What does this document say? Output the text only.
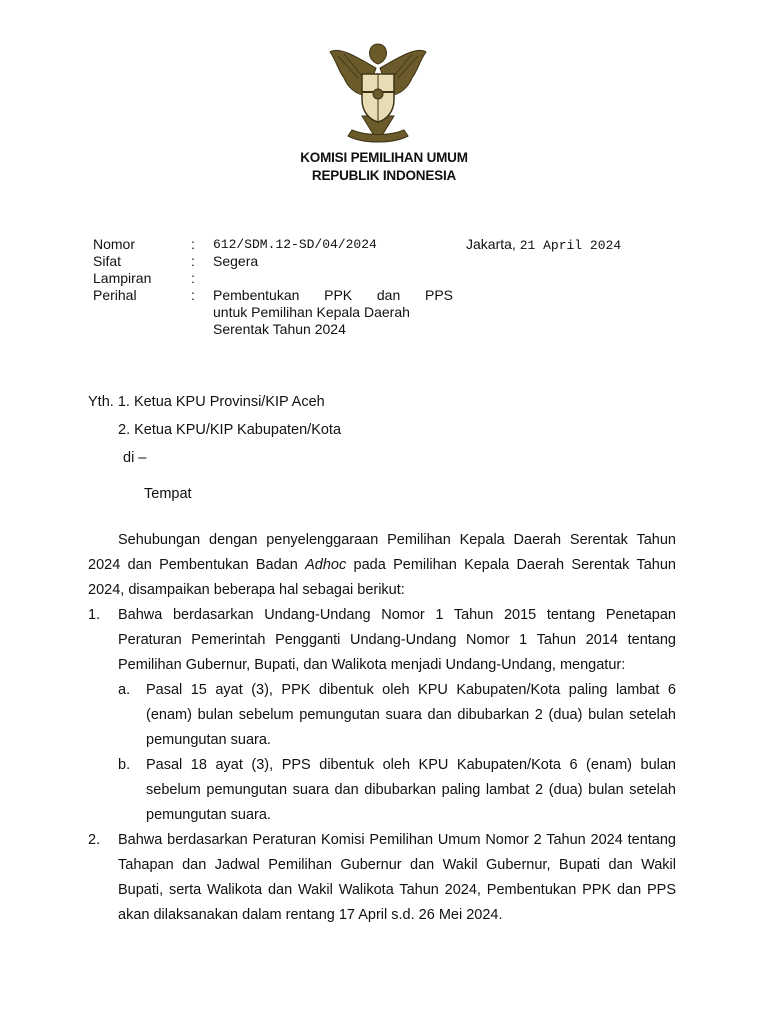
KOMISI PEMILIHAN UMUM
REPUBLIK INDONESIA
Nomor	:	612/SDM.12-SD/04/2024
Sifat	:	Segera
Lampiran	:
Perihal	:	Pembentukan PPK dan PPS
untuk Pemilihan Kepala Daerah
Serentak Tahun 2024
Jakarta, 21 April 2024
Yth. 1. Ketua KPU Provinsi/KIP Aceh
2. Ketua KPU/KIP Kabupaten/Kota
di –
Tempat

Sehubungan dengan penyelenggaraan Pemilihan Kepala Daerah Serentak Tahun 2024 dan Pembentukan Badan Adhoc pada Pemilihan Kepala Daerah Serentak Tahun 2024, disampaikan beberapa hal sebagai berikut:

1.	Bahwa berdasarkan Undang-Undang Nomor 1 Tahun 2015 tentang Penetapan Peraturan Pemerintah Pengganti Undang-Undang Nomor 1 Tahun 2014 tentang Pemilihan Gubernur, Bupati, dan Walikota menjadi Undang-Undang, mengatur:
a.	Pasal 15 ayat (3), PPK dibentuk oleh KPU Kabupaten/Kota paling lambat 6 (enam) bulan sebelum pemungutan suara dan dibubarkan 2 (dua) bulan setelah pemungutan suara.
b.	Pasal 18 ayat (3), PPS dibentuk oleh KPU Kabupaten/Kota 6 (enam) bulan sebelum pemungutan suara dan dibubarkan paling lambat 2 (dua) bulan setelah pemungutan suara.
2.	Bahwa berdasarkan Peraturan Komisi Pemilihan Umum Nomor 2 Tahun 2024 tentang Tahapan dan Jadwal Pemilihan Gubernur dan Wakil Gubernur, Bupati dan Wakil Bupati, serta Walikota dan Wakil Walikota Tahun 2024, Pembentukan PPK dan PPS akan dilaksanakan dalam rentang 17 April s.d. 26 Mei 2024.
